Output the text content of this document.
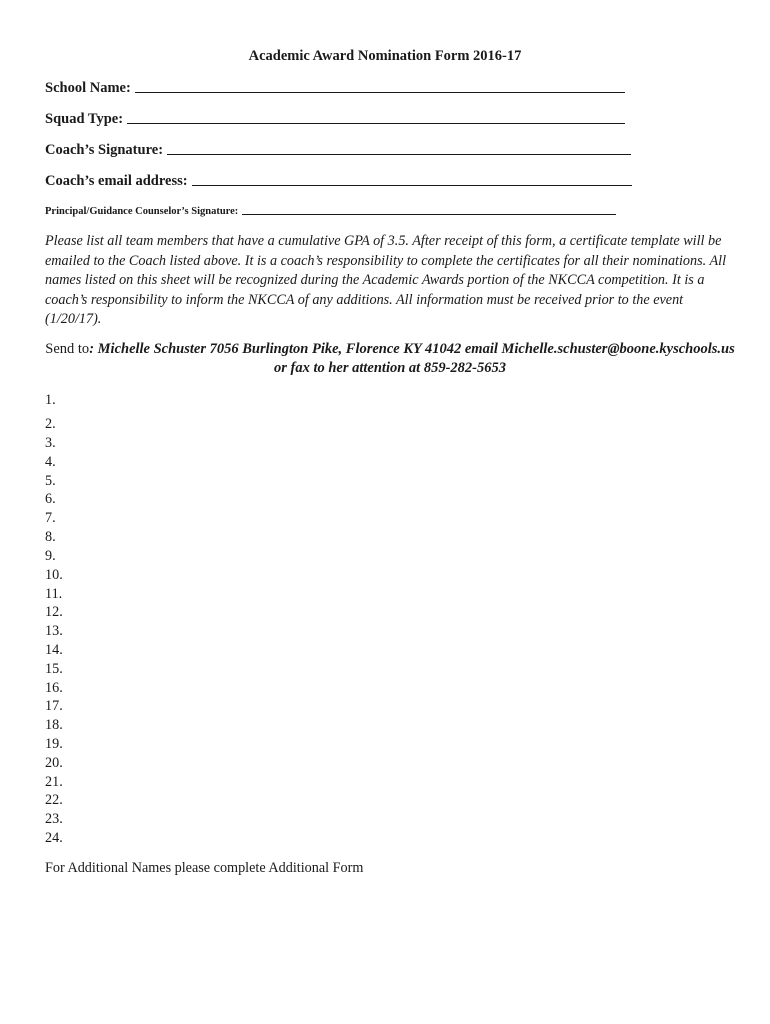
Academic Award Nomination Form 2016-17
School Name:
Squad Type:
Coach’s Signature:
Coach’s email address:
Principal/Guidance Counselor’s Signature:
Please list all team members that have a cumulative GPA of 3.5. After receipt of this form, a certificate template will be emailed to the Coach listed above. It is a coach’s responsibility to complete the certificates for all their nominations. All names listed on this sheet will be recognized during the Academic Awards portion of the NKCCA competition. It is a coach’s responsibility to inform the NKCCA of any additions. All information must be received prior to the event (1/20/17).
Send to: Michelle Schuster 7056 Burlington Pike, Florence KY 41042 email Michelle.schuster@boone.kyschools.us or fax to her attention at 859-282-5653
1.
2.
3.
4.
5.
6.
7.
8.
9.
10.
11.
12.
13.
14.
15.
16.
17.
18.
19.
20.
21.
22.
23.
24.
For Additional Names please complete Additional Form
